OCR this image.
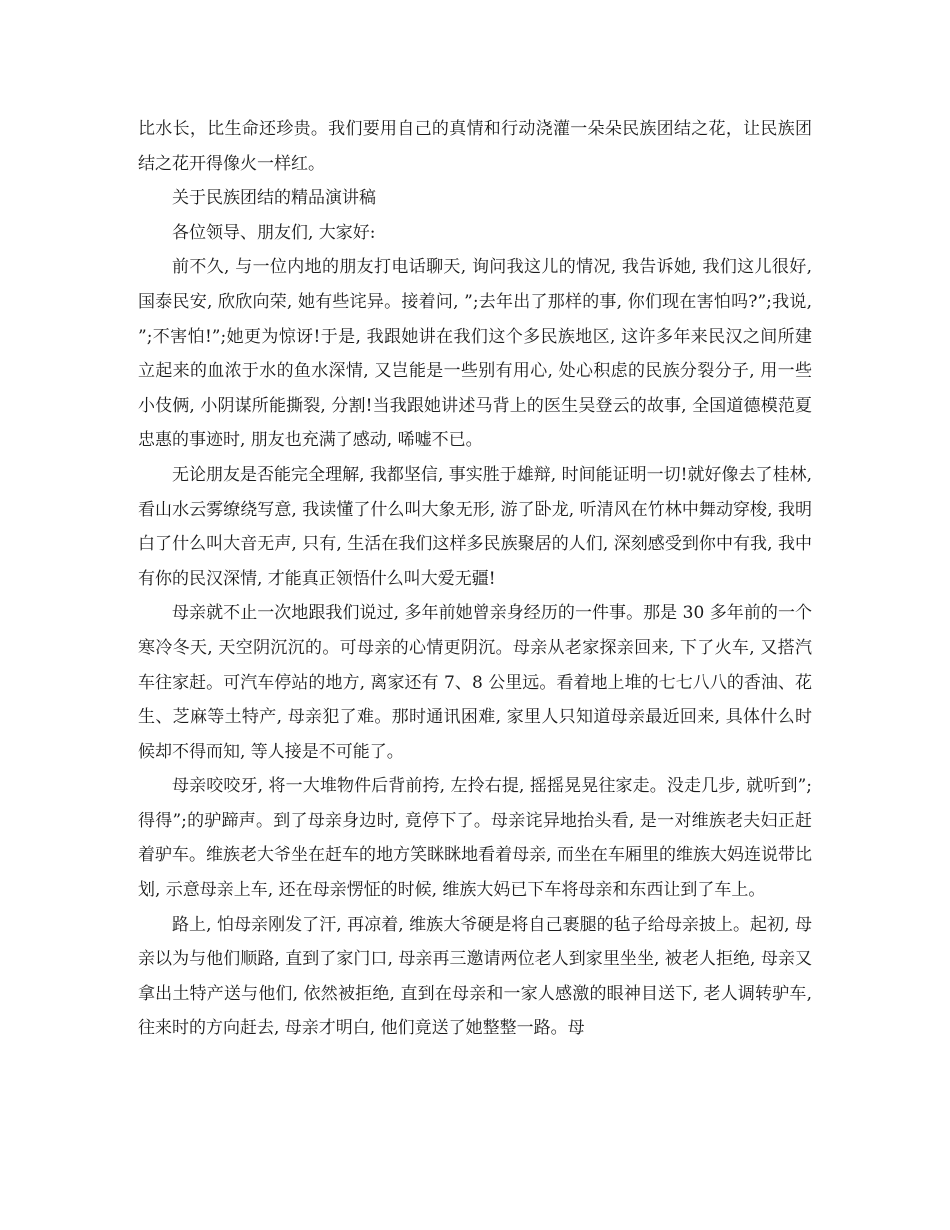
比水长，比生命还珍贵。我们要用自己的真情和行动浇灌一朵朵民族团结之花，让民族团结之花开得像火一样红。

关于民族团结的精品演讲稿

各位领导、朋友们, 大家好:

前不久, 与一位内地的朋友打电话聊天, 询问我这儿的情况, 我告诉她, 我们这儿很好, 国泰民安, 欣欣向荣, 她有些诧异。接着问, ”;去年出了那样的事, 你们现在害怕吗?”;我说, ”;不害怕!”;她更为惊讶!于是, 我跟她讲在我们这个多民族地区, 这许多年来民汉之间所建立起来的血浓于水的鱼水深情, 又岂能是一些别有用心, 处心积虑的民族分裂分子, 用一些小伎俩, 小阴谋所能撕裂, 分割!当我跟她讲述马背上的医生吴登云的故事, 全国道德模范夏忠惠的事迹时, 朋友也充满了感动, 唏嘘不已。

无论朋友是否能完全理解, 我都坚信, 事实胜于雄辩, 时间能证明一切!就好像去了桂林, 看山水云雾缭绕写意, 我读懂了什么叫大象无形, 游了卧龙, 听清风在竹林中舞动穿梭, 我明白了什么叫大音无声, 只有, 生活在我们这样多民族聚居的人们, 深刻感受到你中有我, 我中有你的民汉深情, 才能真正领悟什么叫大爱无疆!

母亲就不止一次地跟我们说过, 多年前她曾亲身经历的一件事。那是 30 多年前的一个寒冷冬天, 天空阴沉沉的。可母亲的心情更阴沉。母亲从老家探亲回来, 下了火车, 又搭汽车往家赶。可汽车停站的地方, 离家还有 7、8 公里远。看着地上堆的七七八八的香油、花生、芝麻等土特产, 母亲犯了难。那时通讯困难, 家里人只知道母亲最近回来, 具体什么时候却不得而知, 等人接是不可能了。

母亲咬咬牙, 将一大堆物件后背前挎, 左拎右提, 摇摇晃晃往家走。没走几步, 就听到”;得得”;的驴蹄声。到了母亲身边时, 竟停下了。母亲诧异地抬头看, 是一对维族老夫妇正赶着驴车。维族老大爷坐在赶车的地方笑眯眯地看着母亲, 而坐在车厢里的维族大妈连说带比划, 示意母亲上车, 还在母亲愣怔的时候, 维族大妈已下车将母亲和东西让到了车上。

路上, 怕母亲刚发了汗, 再凉着, 维族大爷硬是将自己裹腿的毡子给母亲披上。起初, 母亲以为与他们顺路, 直到了家门口, 母亲再三邀请两位老人到家里坐坐, 被老人拒绝, 母亲又拿出土特产送与他们, 依然被拒绝, 直到在母亲和一家人感激的眼神目送下, 老人调转驴车, 往来时的方向赶去, 母亲才明白, 他们竟送了她整整一路。母
